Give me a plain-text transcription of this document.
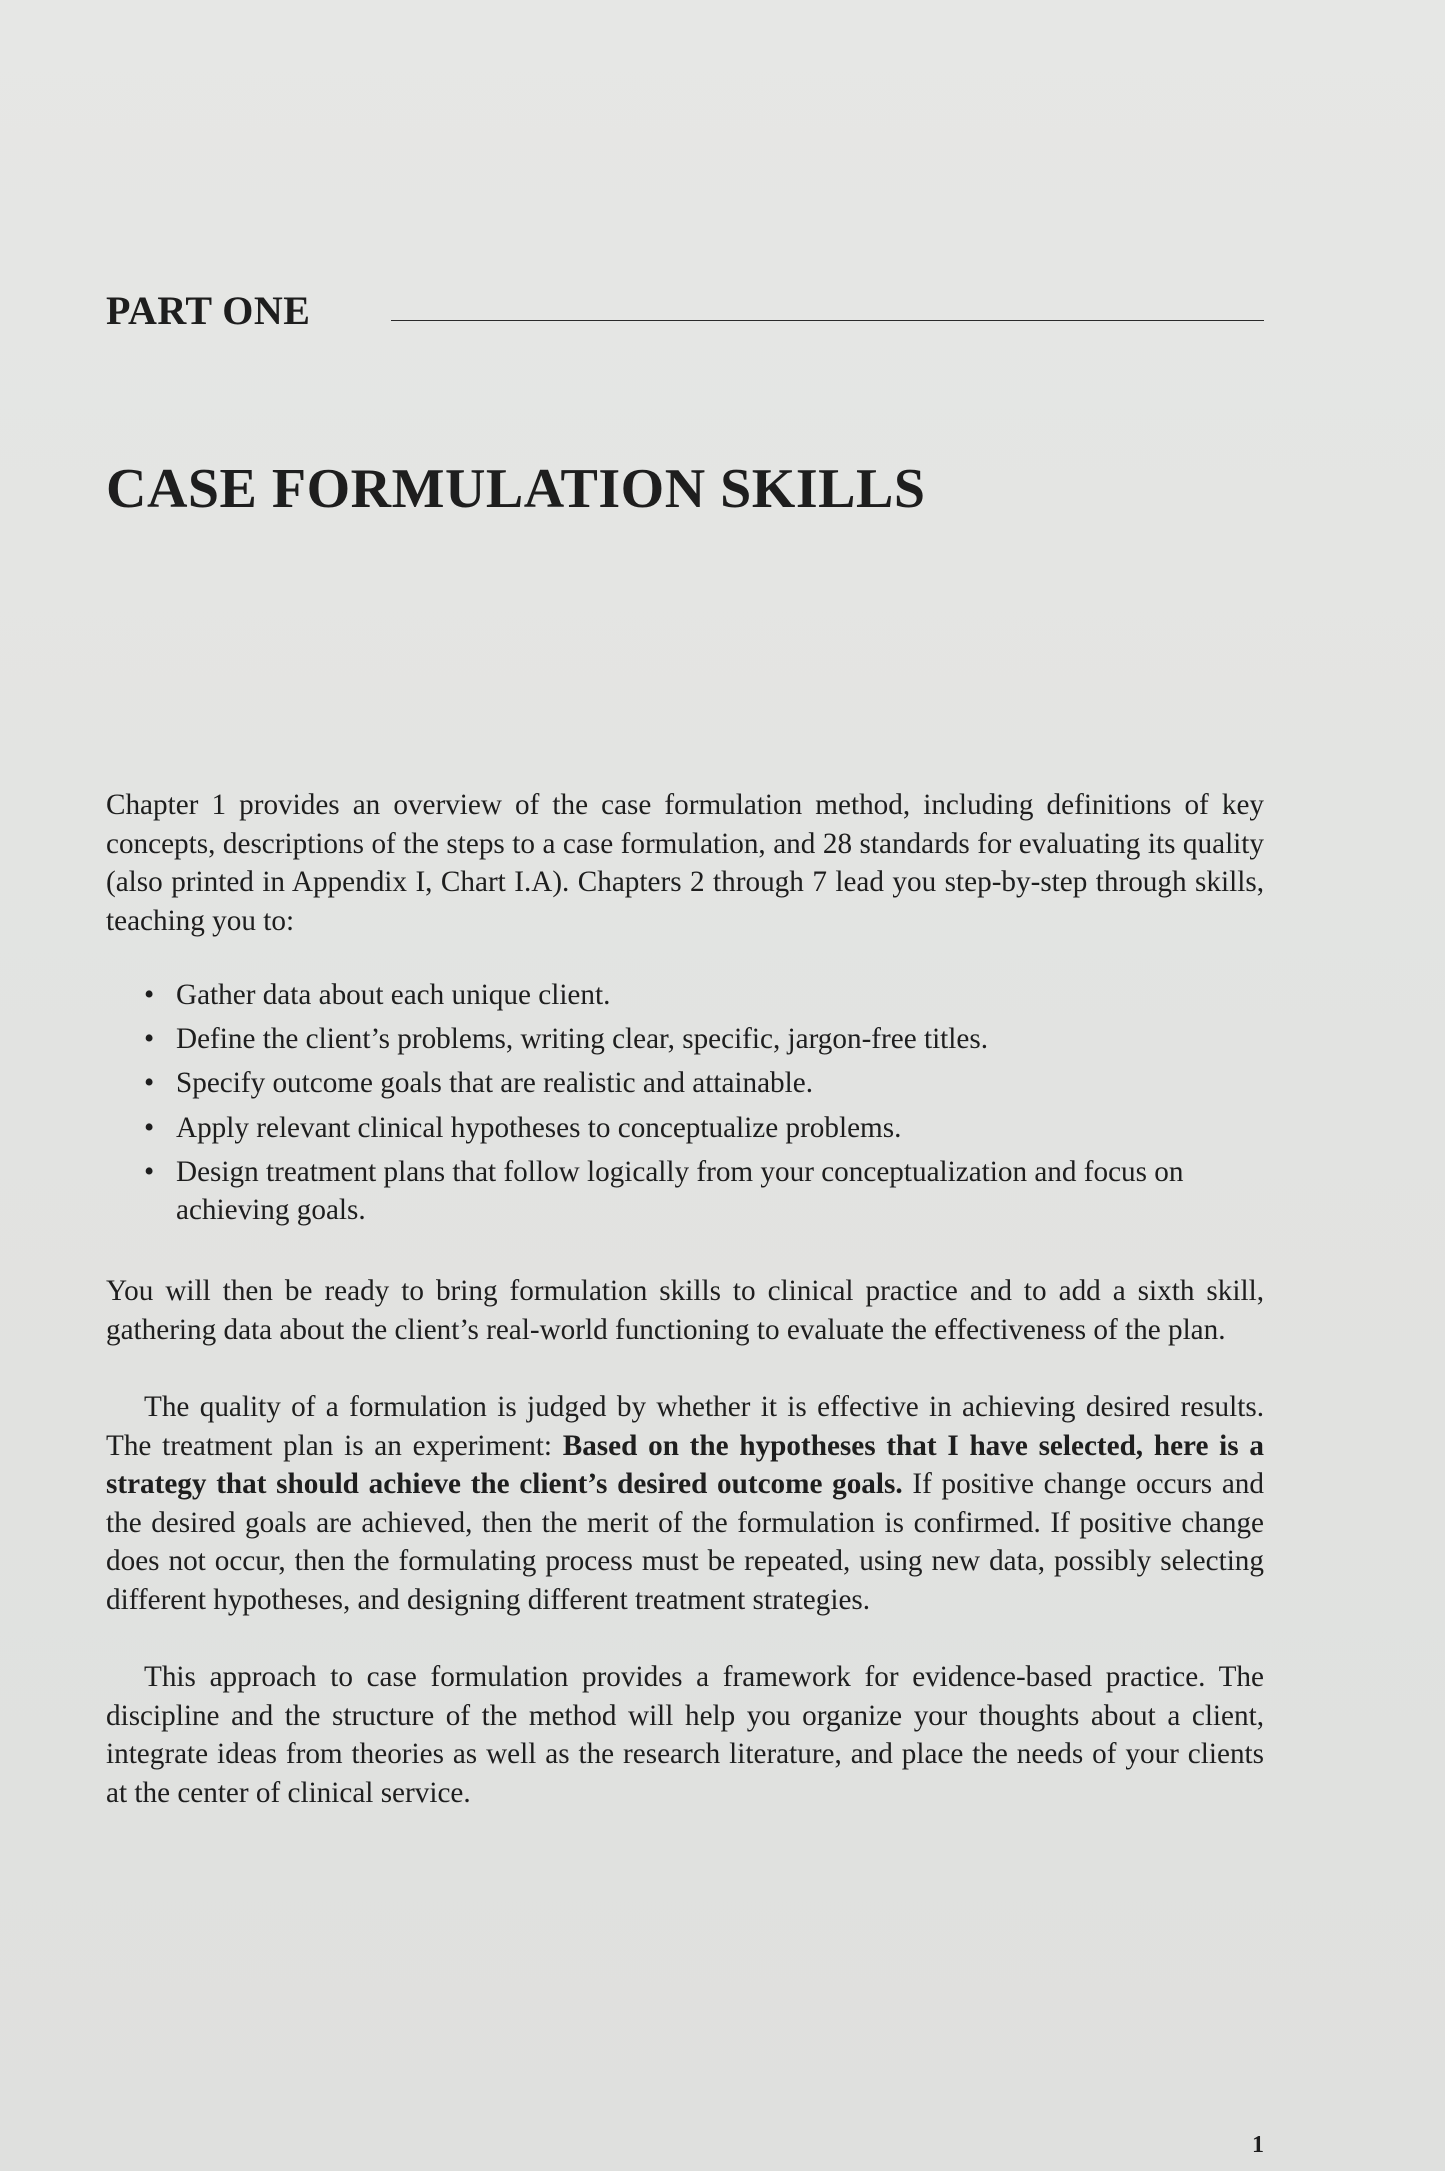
PART ONE
CASE FORMULATION SKILLS

Chapter 1 provides an overview of the case formulation method, including definitions of key concepts, descriptions of the steps to a case formulation, and 28 standards for evaluating its quality (also printed in Appendix I, Chart I.A). Chapters 2 through 7 lead you step-by-step through skills, teaching you to:

• Gather data about each unique client.
• Define the client’s problems, writing clear, specific, jargon-free titles.
• Specify outcome goals that are realistic and attainable.
• Apply relevant clinical hypotheses to conceptualize problems.
• Design treatment plans that follow logically from your conceptualization and focus on achieving goals.

You will then be ready to bring formulation skills to clinical practice and to add a sixth skill, gathering data about the client’s real-world functioning to evaluate the effectiveness of the plan.

The quality of a formulation is judged by whether it is effective in achieving desired results. The treatment plan is an experiment: Based on the hypotheses that I have selected, here is a strategy that should achieve the client’s desired outcome goals. If positive change occurs and the desired goals are achieved, then the merit of the formulation is confirmed. If positive change does not occur, then the formulating process must be repeated, using new data, possibly selecting different hypotheses, and designing different treatment strategies.

This approach to case formulation provides a framework for evidence-based practice. The discipline and the structure of the method will help you organize your thoughts about a client, integrate ideas from theories as well as the research literature, and place the needs of your clients at the center of clinical service.

1
